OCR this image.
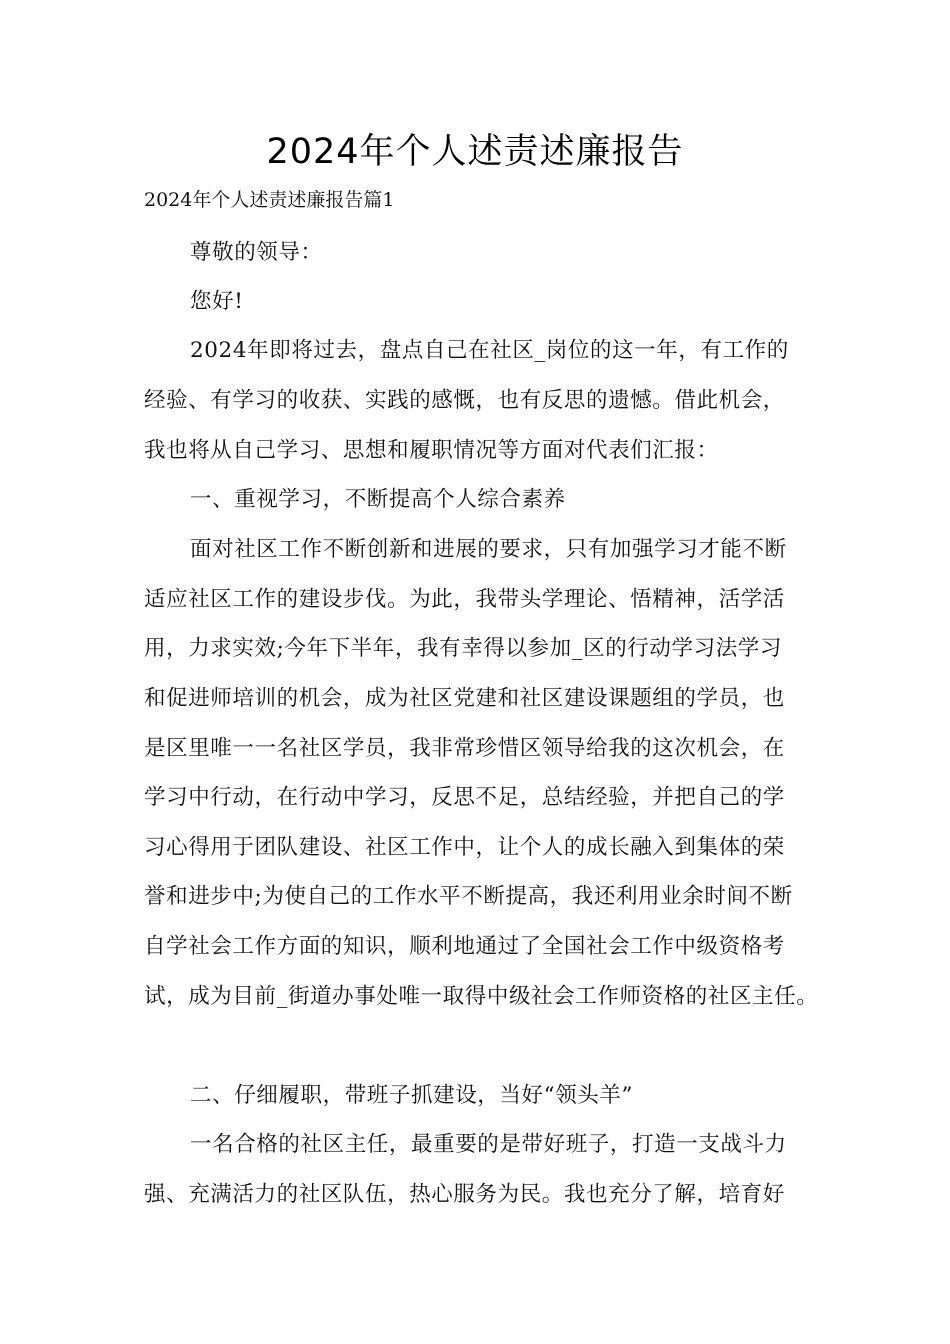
2024年个人述责述廉报告
2024年个人述责述廉报告篇1
尊敬的领导：
您好!
2024年即将过去，盘点自己在社区_岗位的这一年，有工作的
经验、有学习的收获、实践的感慨，也有反思的遗憾。借此机会，
我也将从自己学习、思想和履职情况等方面对代表们汇报：
一、重视学习，不断提高个人综合素养
面对社区工作不断创新和进展的要求，只有加强学习才能不断
适应社区工作的建设步伐。为此，我带头学理论、悟精神，活学活
用，力求实效;今年下半年，我有幸得以参加_区的行动学习法学习
和促进师培训的机会，成为社区党建和社区建设课题组的学员，也
是区里唯一一名社区学员，我非常珍惜区领导给我的这次机会，在
学习中行动，在行动中学习，反思不足，总结经验，并把自己的学
习心得用于团队建设、社区工作中，让个人的成长融入到集体的荣
誉和进步中;为使自己的工作水平不断提高，我还利用业余时间不断
自学社会工作方面的知识，顺利地通过了全国社会工作中级资格考
试，成为目前_街道办事处唯一取得中级社会工作师资格的社区主任。
二、仔细履职，带班子抓建设，当好“领头羊”
一名合格的社区主任，最重要的是带好班子，打造一支战斗力
强、充满活力的社区队伍，热心服务为民。我也充分了解，培育好
